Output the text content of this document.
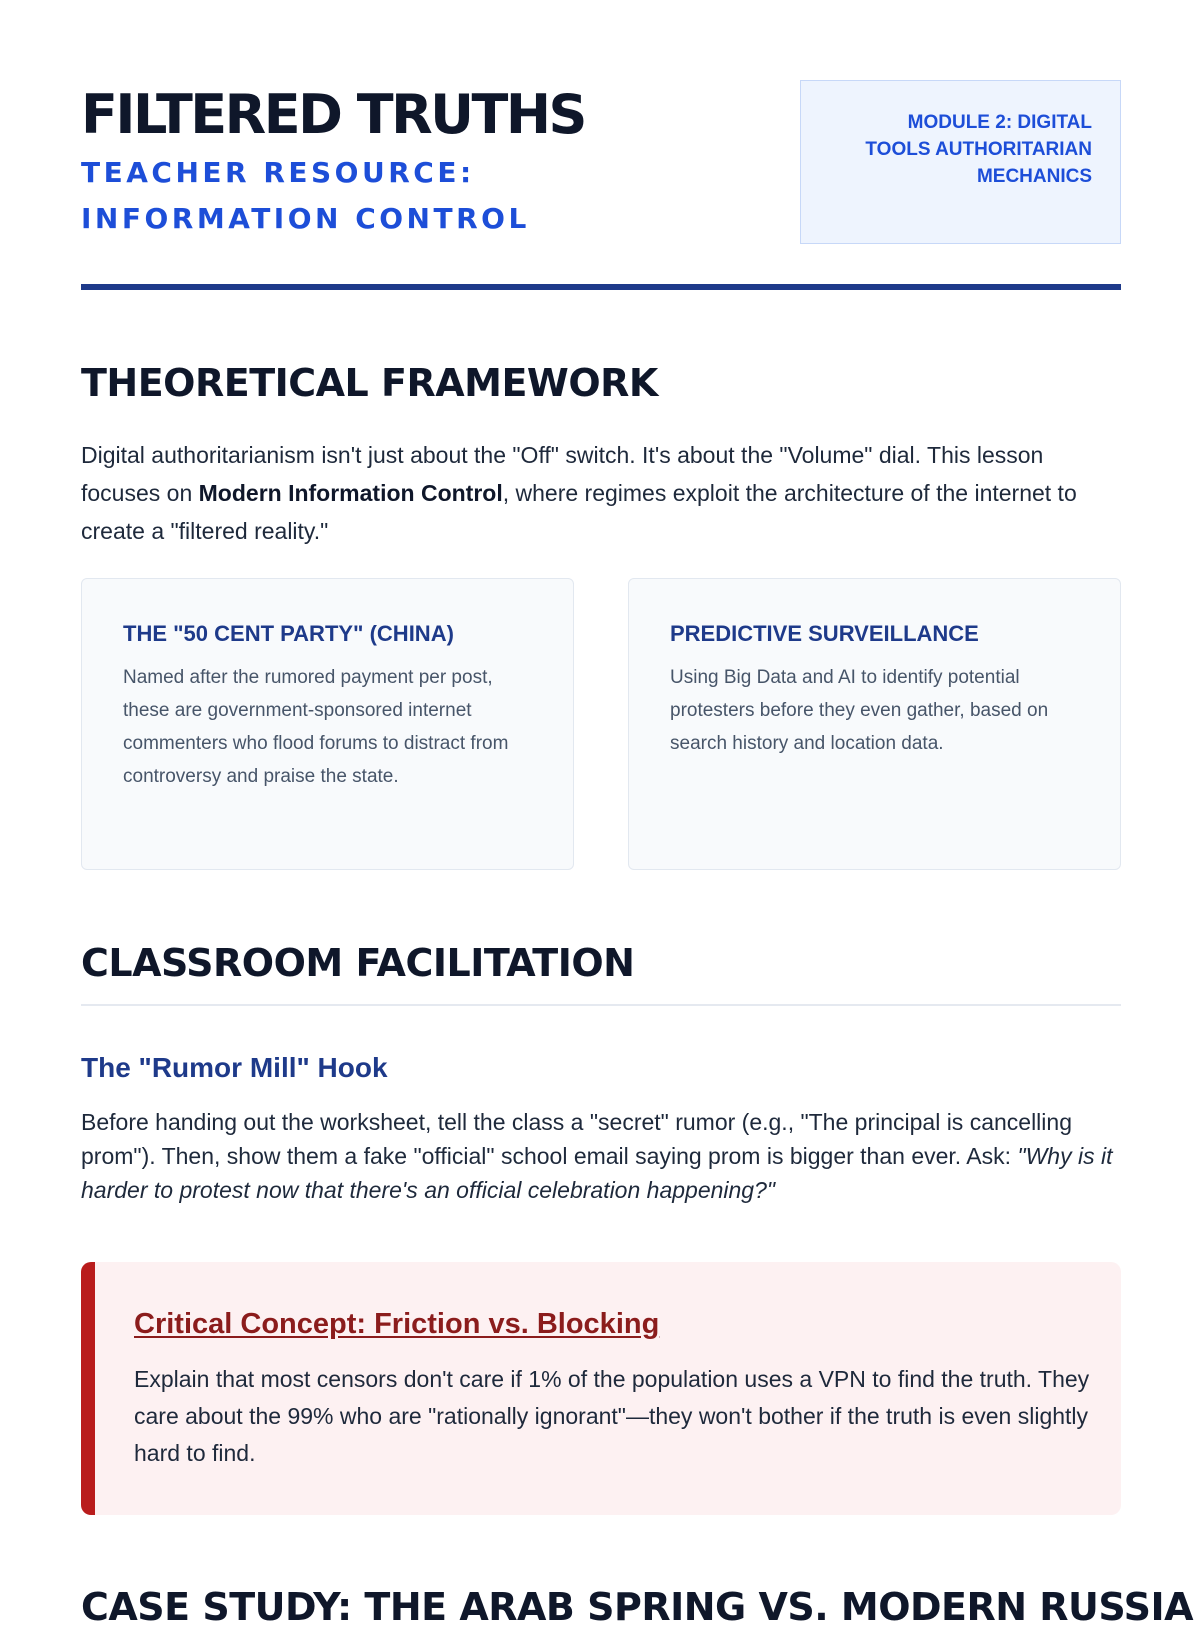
FILTERED TRUTHS
TEACHER RESOURCE: INFORMATION CONTROL
MODULE 2: DIGITAL TOOLS AUTHORITARIAN MECHANICS
THEORETICAL FRAMEWORK

Digital authoritarianism isn't just about the "Off" switch. It's about the "Volume" dial. This lesson focuses on Modern Information Control, where regimes exploit the architecture of the internet to create a "filtered reality."

THE "50 CENT PARTY" (CHINA)
Named after the rumored payment per post, these are government-sponsored internet commenters who flood forums to distract from controversy and praise the state.
PREDICTIVE SURVEILLANCE
Using Big Data and AI to identify potential protesters before they even gather, based on search history and location data.
CLASSROOM FACILITATION
The "Rumor Mill" Hook

Before handing out the worksheet, tell the class a "secret" rumor (e.g., "The principal is cancelling prom"). Then, show them a fake "official" school email saying prom is bigger than ever. Ask: "Why is it harder to protest now that there's an official celebration happening?"

Critical Concept: Friction vs. Blocking
Explain that most censors don't care if 1% of the population uses a VPN to find the truth. They care about the 99% who are "rationally ignorant"—they won't bother if the truth is even slightly hard to find.
CASE STUDY: THE ARAB SPRING VS. MODERN RUSSIA
